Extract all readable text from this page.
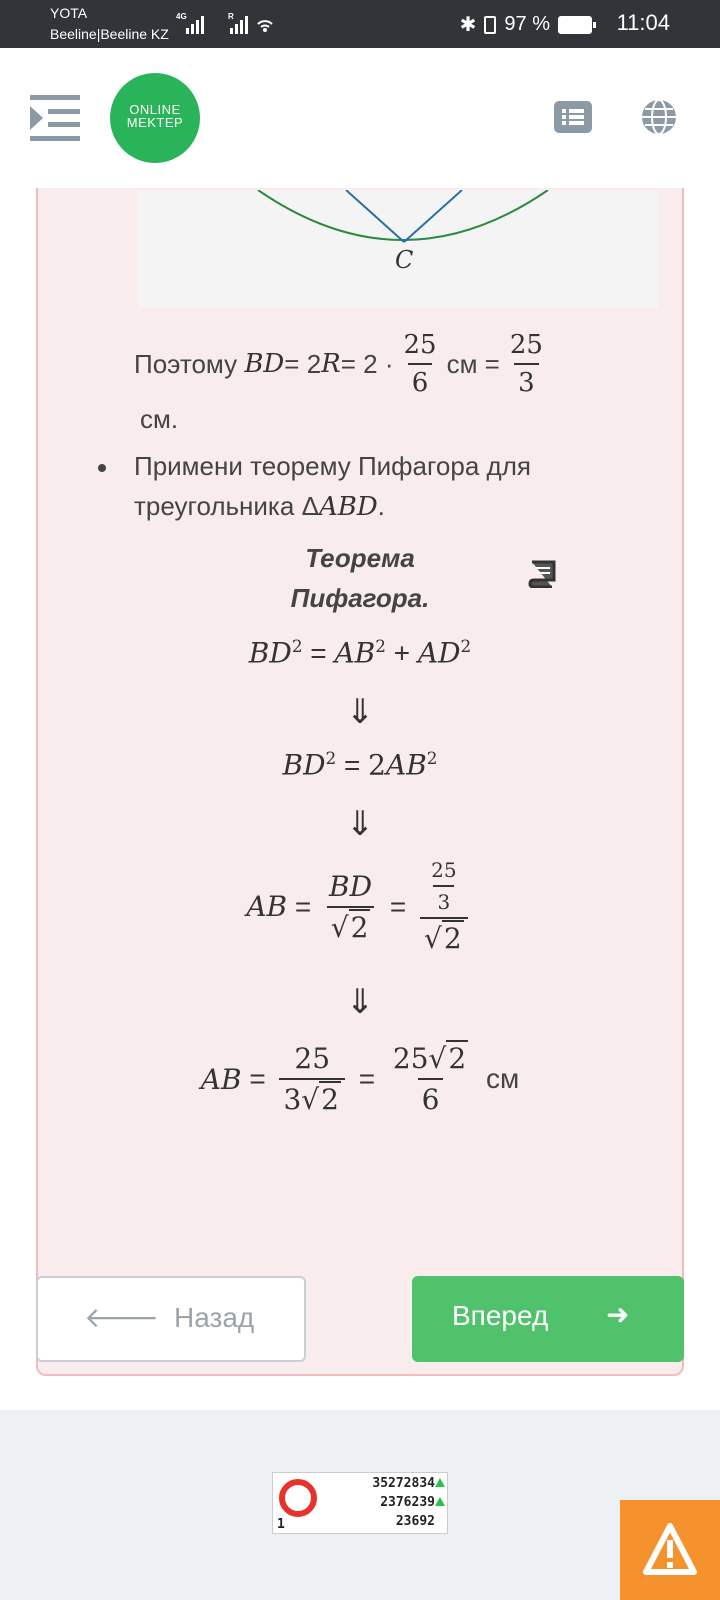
YOTA
Beeline|Beeline KZ
4G	R	✱ 97 %	11:04
ONLINE
MEKTEP
C
Поэтому
BD = 2 $R = 2 \cdot \frac{25}{6}$ см = $\frac{25}{3}$
см.
Примени теорему Пифагора для
треугольника ΔABD.
Теорема Пифагора.
$BD^2 = AB^2 + AD^2$
⇓
$BD^2 = 2AB^2$
⇓
AB = $\frac{BD}{√2} = \frac{\frac{25}{3}}{√2}$
⇓
AB = $\frac{25}{3√2} = \frac{25√2}{6}$
см
🡐 Назад	Вперед ➜
35272834
2376239
23692
1
